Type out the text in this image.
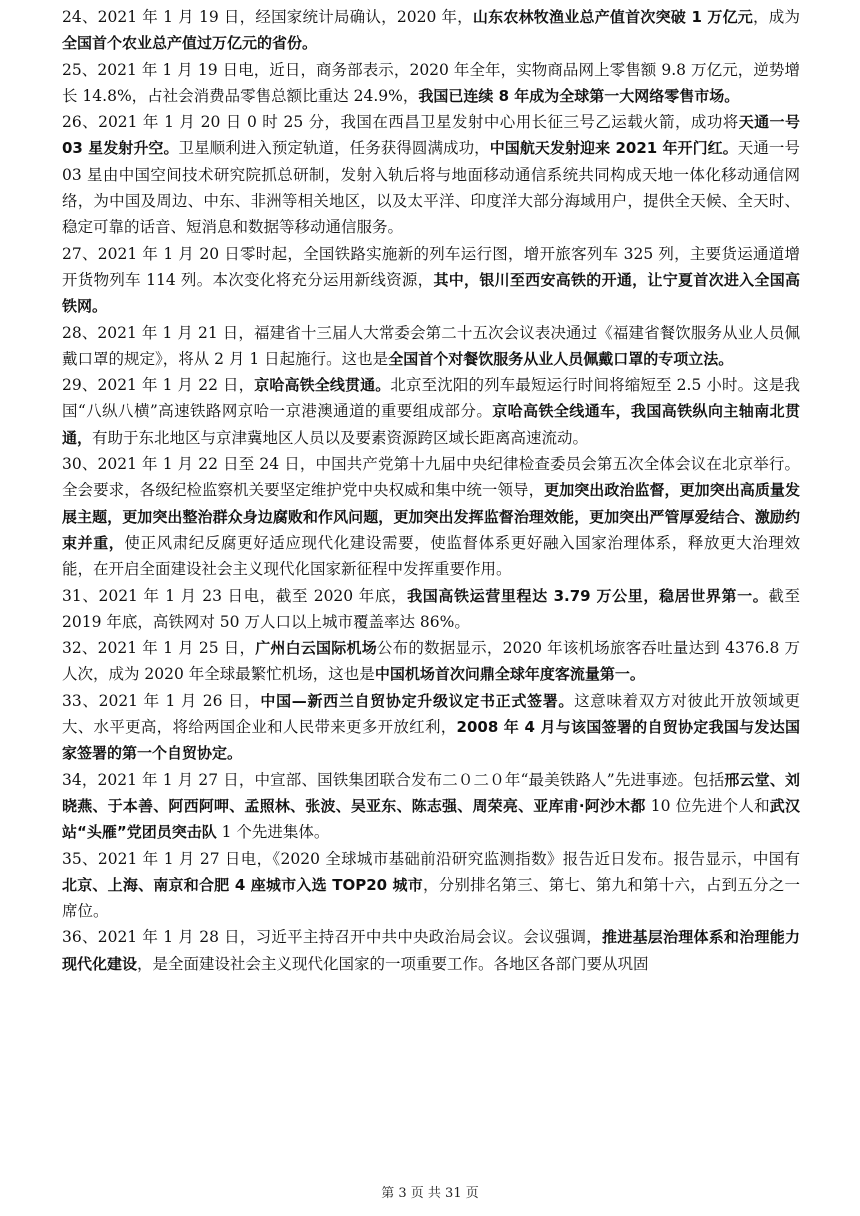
24、2021 年 1 月 19 日，经国家统计局确认，2020 年，山东农林牧渔业总产值首次突破 1 万亿元，成为全国首个农业总产值过万亿元的省份。

25、2021 年 1 月 19 日电，近日，商务部表示，2020 年全年，实物商品网上零售额 9.8 万亿元，逆势增长 14.8%，占社会消费品零售总额比重达 24.9%，我国已连续 8 年成为全球第一大网络零售市场。

26、2021 年 1 月 20 日 0 时 25 分，我国在西昌卫星发射中心用长征三号乙运载火箭，成功将天通一号 03 星发射升空。卫星顺利进入预定轨道，任务获得圆满成功，中国航天发射迎来 2021 年开门红。天通一号 03 星由中国空间技术研究院抓总研制，发射入轨后将与地面移动通信系统共同构成天地一体化移动通信网络，为中国及周边、中东、非洲等相关地区，以及太平洋、印度洋大部分海域用户，提供全天候、全天时、稳定可靠的话音、短消息和数据等移动通信服务。

27、2021 年 1 月 20 日零时起，全国铁路实施新的列车运行图，增开旅客列车 325 列，主要货运通道增开货物列车 114 列。本次变化将充分运用新线资源，其中，银川至西安高铁的开通，让宁夏首次进入全国高铁网。

28、2021 年 1 月 21 日，福建省十三届人大常委会第二十五次会议表决通过《福建省餐饮服务从业人员佩戴口罩的规定》，将从 2 月 1 日起施行。这也是全国首个对餐饮服务从业人员佩戴口罩的专项立法。

29、2021 年 1 月 22 日，京哈高铁全线贯通。北京至沈阳的列车最短运行时间将缩短至 2.5 小时。这是我国“八纵八横”高速铁路网京哈一京港澳通道的重要组成部分。京哈高铁全线通车，我国高铁纵向主轴南北贯通，有助于东北地区与京津冀地区人员以及要素资源跨区域长距离高速流动。

30、2021 年 1 月 22 日至 24 日，中国共产党第十九届中央纪律检查委员会第五次全体会议在北京举行。全会要求，各级纪检监察机关要坚定维护党中央权威和集中统一领导，更加突出政治监督，更加突出高质量发展主题，更加突出整治群众身边腐败和作风问题，更加突出发挥监督治理效能，更加突出严管厚爱结合、激励约束并重，使正风肃纪反腐更好适应现代化建设需要，使监督体系更好融入国家治理体系，释放更大治理效能，在开启全面建设社会主义现代化国家新征程中发挥重要作用。

31、2021 年 1 月 23 日电，截至 2020 年底，我国高铁运营里程达 3.79 万公里，稳居世界第一。截至 2019 年底，高铁网对 50 万人口以上城市覆盖率达 86%。

32、2021 年 1 月 25 日，广州白云国际机场公布的数据显示，2020 年该机场旅客吞吐量达到 4376.8 万人次，成为 2020 年全球最繁忙机场，这也是中国机场首次问鼎全球年度客流量第一。

33、2021 年 1 月 26 日，中国—新西兰自贸协定升级议定书正式签署。这意味着双方对彼此开放领域更大、水平更高，将给两国企业和人民带来更多开放红利，2008 年 4 月与该国签署的自贸协定我国与发达国家签署的第一个自贸协定。

34，2021 年 1 月 27 日，中宣部、国铁集团联合发布二０二０年“最美铁路人”先进事迹。包括邢云堂、刘晓燕、于本善、阿西阿呷、孟照林、张波、吴亚东、陈志强、周荣亮、亚库甫·阿沙木都 10 位先进个人和武汉站“头雁”党团员突击队 1 个先进集体。

35、2021 年 1 月 27 日电，《2020 全球城市基础前沿研究监测指数》报告近日发布。报告显示，中国有北京、上海、南京和合肥 4 座城市入选 TOP20 城市，分别排名第三、第七、第九和第十六，占到五分之一席位。

36、2021 年 1 月 28 日，习近平主持召开中共中央政治局会议。会议强调，推进基层治理体系和治理能力现代化建设，是全面建设社会主义现代化国家的一项重要工作。各地区各部门要从巩固

第 3 页 共 31 页
